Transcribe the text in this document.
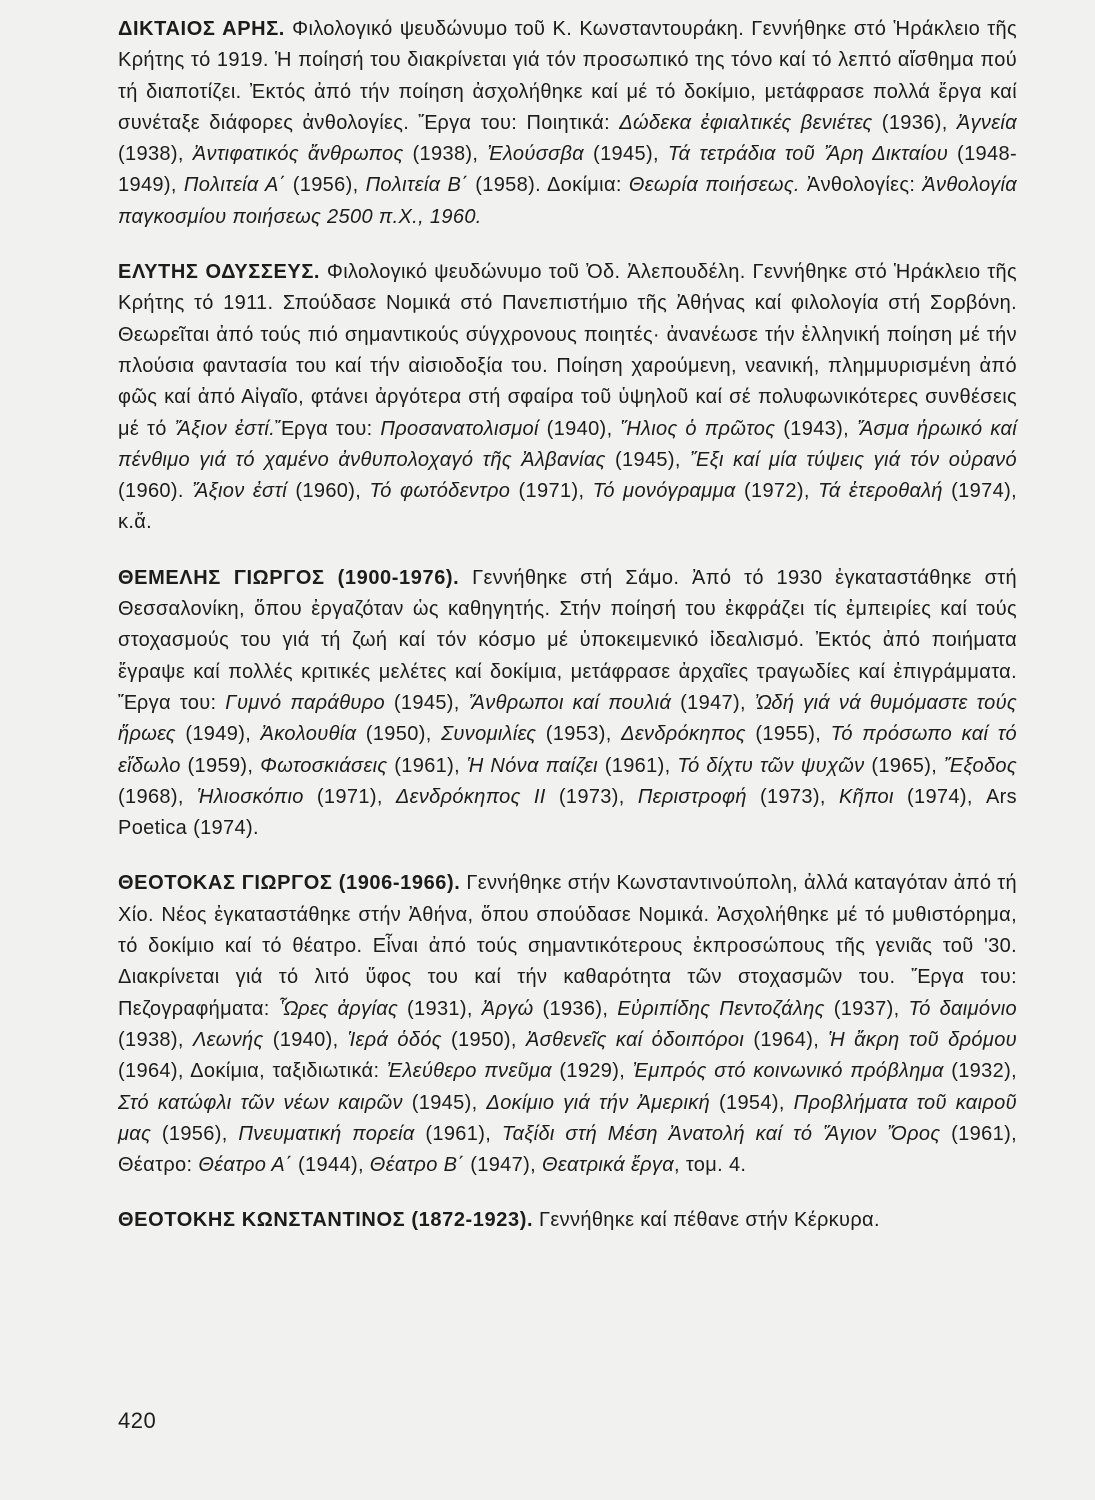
ΔΙΚΤΑΙΟΣ ΑΡΗΣ. Φιλολογικό ψευδώνυμο τοῦ Κ. Κωνσταντουράκη. Γεννήθηκε στό Ἡράκλειο τῆς Κρήτης τό 1919. Ἡ ποίησή του διακρίνεται γιά τόν προσωπικό της τόνο καί τό λεπτό αἴσθημα πού τή διαποτίζει. Ἐκτός ἀπό τήν ποίηση ἀσχολήθηκε καί μέ τό δοκίμιο, μετάφρασε πολλά ἔργα καί συνέταξε διάφορες ἀνθολογίες. Ἔργα του: Ποιητικά: Δώδεκα ἐφιαλτικές βενιέτες (1936), Ἀγνεία (1938), Ἀντιφατικός ἄνθρωπος (1938), Ἐλούσσβα (1945), Τά τετράδια τοῦ Ἄρη Δικταίου (1948-1949), Πολιτεία Α΄ (1956), Πολιτεία Β΄ (1958). Δοκίμια: Θεωρία ποιήσεως. Ἀνθολογίες: Ἀνθολογία παγκοσμίου ποιήσεως 2500 π.Χ., 1960.

ΕΛΥΤΗΣ ΟΔΥΣΣΕΥΣ. Φιλολογικό ψευδώνυμο τοῦ Ὀδ. Ἀλεπουδέλη. Γεννήθηκε στό Ἡράκλειο τῆς Κρήτης τό 1911. Σπούδασε Νομικά στό Πανεπιστήμιο τῆς Ἀθήνας καί φιλολογία στή Σορβόνη. Θεωρεῖται ἀπό τούς πιό σημαντικούς σύγχρονους ποιητές· ἀνανέωσε τήν ἑλληνική ποίηση μέ τήν πλούσια φαντασία του καί τήν αἰσιοδοξία του. Ποίηση χαρούμενη, νεανική, πλημμυρισμένη ἀπό φῶς καί ἀπό Αἰγαῖο, φτάνει ἀργότερα στή σφαίρα τοῦ ὑψηλοῦ καί σέ πολυφωνικότερες συνθέσεις μέ τό Ἄξιον ἐστί.Ἔργα του: Προσανατολισμοί (1940), Ἥλιος ὁ πρῶτος (1943), Ἄσμα ἡρωικό καί πένθιμο γιά τό χαμένο ἀνθυπολοχαγό τῆς Ἀλβανίας (1945), Ἔξι καί μία τύψεις γιά τόν οὐρανό (1960). Ἄξιον ἐστί (1960), Τό φωτόδεντρο (1971), Τό μονόγραμμα (1972), Τά ἑτεροθαλή (1974), κ.ἄ.

ΘΕΜΕΛΗΣ ΓΙΩΡΓΟΣ (1900-1976). Γεννήθηκε στή Σάμο. Ἀπό τό 1930 ἐγκαταστάθηκε στή Θεσσαλονίκη, ὅπου ἐργαζόταν ὡς καθηγητής. Στήν ποίησή του ἐκφράζει τίς ἐμπειρίες καί τούς στοχασμούς του γιά τή ζωή καί τόν κόσμο μέ ὑποκειμενικό ἰδεαλισμό. Ἐκτός ἀπό ποιήματα ἔγραψε καί πολλές κριτικές μελέτες καί δοκίμια, μετάφρασε ἀρχαῖες τραγωδίες καί ἐπιγράμματα. Ἔργα του: Γυμνό παράθυρο (1945), Ἄνθρωποι καί πουλιά (1947), Ὠδή γιά νά θυμόμαστε τούς ἥρωες (1949), Ἀκολουθία (1950), Συνομιλίες (1953), Δενδρόκηπος (1955), Τό πρόσωπο καί τό εἴδωλο (1959), Φωτοσκιάσεις (1961), Ἡ Νόνα παίζει (1961), Τό δίχτυ τῶν ψυχῶν (1965), Ἔξοδος (1968), Ἡλιοσκόπιο (1971), Δενδρόκηπος ΙΙ (1973), Περιστροφή (1973), Κῆποι (1974), Ars Poetica (1974).

ΘΕΟΤΟΚΑΣ ΓΙΩΡΓΟΣ (1906-1966). Γεννήθηκε στήν Κωνσταντινούπολη, ἀλλά καταγόταν ἀπό τή Χίο. Νέος ἐγκαταστάθηκε στήν Ἀθήνα, ὅπου σπούδασε Νομικά. Ἀσχολήθηκε μέ τό μυθιστόρημα, τό δοκίμιο καί τό θέατρο. Εἶναι ἀπό τούς σημαντικότερους ἐκπροσώπους τῆς γενιᾶς τοῦ '30. Διακρίνεται γιά τό λιτό ὕφος του καί τήν καθαρότητα τῶν στοχασμῶν του. Ἔργα του: Πεζογραφήματα: Ὧρες ἀργίας (1931), Ἀργώ (1936), Εὐριπίδης Πεντοζάλης (1937), Τό δαιμόνιο (1938), Λεωνής (1940), Ἱερά ὁδός (1950), Ἀσθενεῖς καί ὁδοιπόροι (1964), Ἡ ἄκρη τοῦ δρόμου (1964), Δοκίμια, ταξιδιωτικά: Ἐλεύθερο πνεῦμα (1929), Ἐμπρός στό κοινωνικό πρόβλημα (1932), Στό κατώφλι τῶν νέων καιρῶν (1945), Δοκίμιο γιά τήν Ἀμερική (1954), Προβλήματα τοῦ καιροῦ μας (1956), Πνευματική πορεία (1961), Ταξίδι στή Μέση Ἀνατολή καί τό Ἅγιον Ὄρος (1961), Θέατρο: Θέατρο Α΄ (1944), Θέατρο Β΄ (1947), Θεατρικά ἔργα, τομ. 4.

ΘΕΟΤΟΚΗΣ ΚΩΝΣΤΑΝΤΙΝΟΣ (1872-1923). Γεννήθηκε καί πέθανε στήν Κέρκυρα.

420
